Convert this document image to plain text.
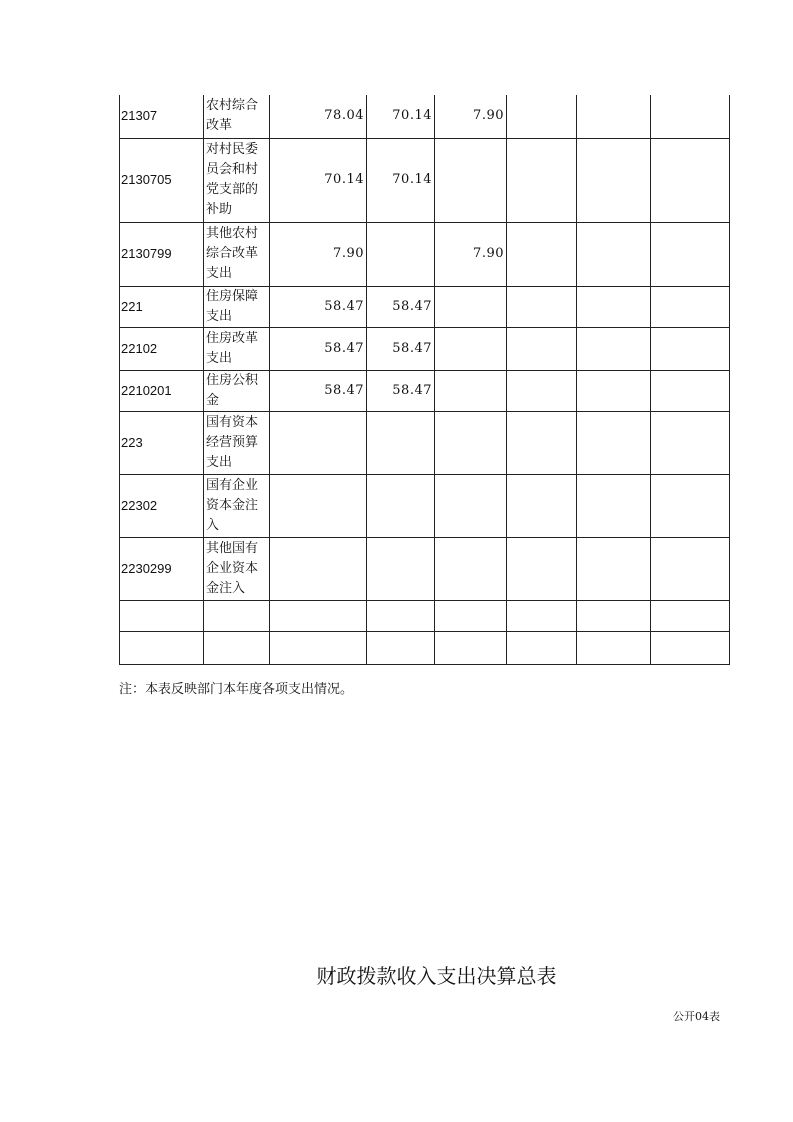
21307	农村综合改革	78.04	70.14	7.90			
2130705	对村民委员会和村党支部的补助	70.14	70.14				
2130799	其他农村综合改革支出	7.90		7.90			
221	住房保障支出	58.47	58.47				
22102	住房改革支出	58.47	58.47				
2210201	住房公积金	58.47	58.47				
223	国有资本经营预算支出						
22302	国有企业资本金注入						
2230299	其他国有企业资本金注入						

注：本表反映部门本年度各项支出情况。
财政拨款收入支出决算总表
公开04表
